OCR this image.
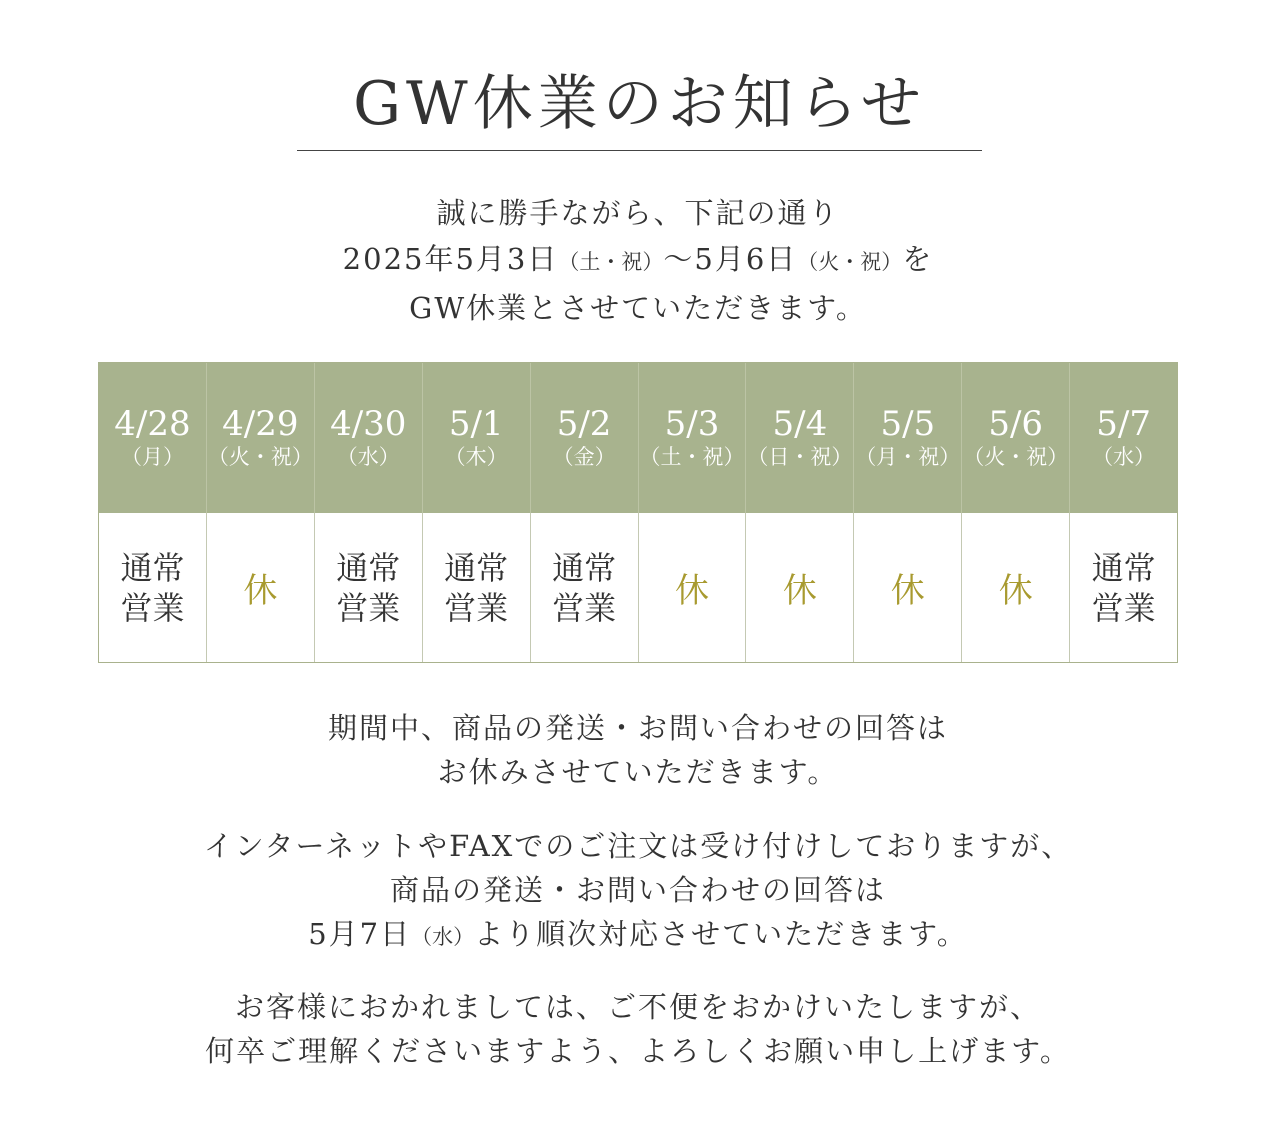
GW休業のお知らせ
誠に勝手ながら、下記の通り
2025年5月3日（土・祝）～5月6日（火・祝）を
GW休業とさせていただきます。
4/28
（月）
4/29
（火・祝）
4/30
（水）
5/1
（木）
5/2
（金）
5/3
（土・祝）
5/4
（日・祝）
5/5
（月・祝）
5/6
（火・祝）
5/7
（水）
通常営業 休
通常営業
通常営業
通常営業 休 休 休 休
通常営業
期間中、商品の発送・お問い合わせの回答は
お休みさせていただきます。
インターネットやFAXでのご注文は受け付けしておりますが、
商品の発送・お問い合わせの回答は
5月7日（水）より順次対応させていただきます。
お客様におかれましては、ご不便をおかけいたしますが、
何卒ご理解くださいますよう、よろしくお願い申し上げます。
